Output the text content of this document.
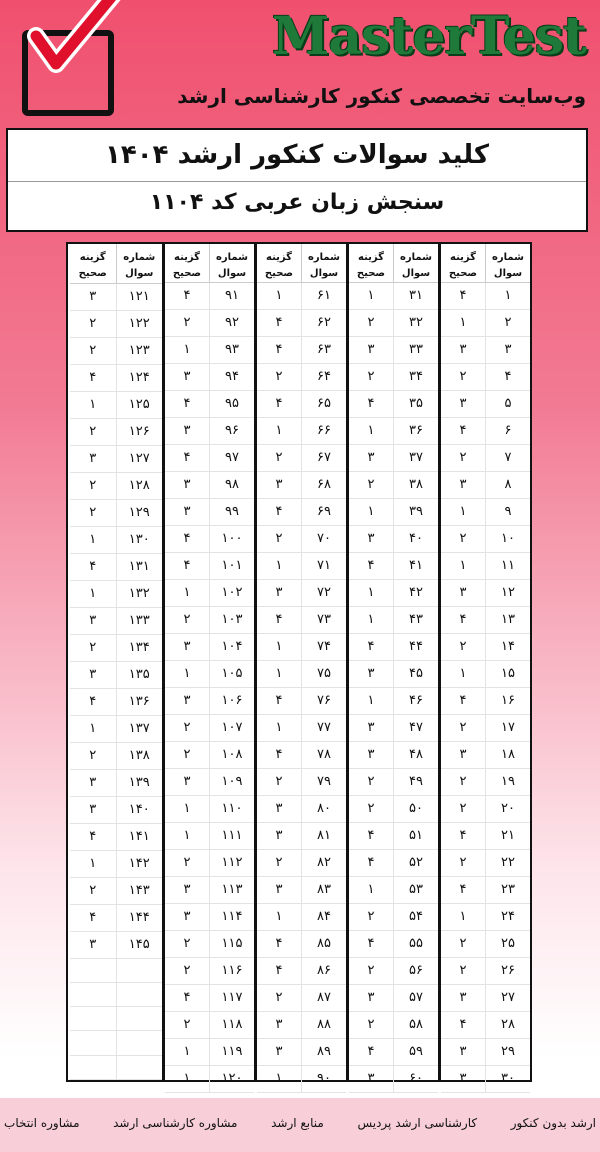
MasterTest
وب‌سایت تخصصی کنکور کارشناسی ارشد
کلید سوالات کنکور ارشد ۱۴۰۴
سنجش زبان عربی کد ۱۱۰۴
شماره سوال
گزینه صحیح
۱
۴
۲
۱
۳
۳
۴
۲
۵
۳
۶
۴
۷
۲
۸
۳
۹
۱
۱۰
۲
۱۱
۱
۱۲
۳
۱۳
۴
۱۴
۲
۱۵
۱
۱۶
۴
۱۷
۲
۱۸
۳
۱۹
۲
۲۰
۲
۲۱
۴
۲۲
۲
۲۳
۴
۲۴
۱
۲۵
۲
۲۶
۲
۲۷
۳
۲۸
۴
۲۹
۳
۳۰
۳
شماره سوال
گزینه صحیح
۳۱
۱
۳۲
۲
۳۳
۳
۳۴
۲
۳۵
۴
۳۶
۱
۳۷
۳
۳۸
۲
۳۹
۱
۴۰
۳
۴۱
۴
۴۲
۱
۴۳
۱
۴۴
۴
۴۵
۳
۴۶
۱
۴۷
۳
۴۸
۳
۴۹
۲
۵۰
۲
۵۱
۴
۵۲
۴
۵۳
۱
۵۴
۲
۵۵
۴
۵۶
۲
۵۷
۳
۵۸
۲
۵۹
۴
۶۰
۳
شماره سوال
گزینه صحیح
۶۱
۱
۶۲
۴
۶۳
۴
۶۴
۲
۶۵
۴
۶۶
۱
۶۷
۲
۶۸
۳
۶۹
۴
۷۰
۲
۷۱
۱
۷۲
۳
۷۳
۴
۷۴
۱
۷۵
۱
۷۶
۴
۷۷
۱
۷۸
۴
۷۹
۲
۸۰
۳
۸۱
۳
۸۲
۲
۸۳
۳
۸۴
۱
۸۵
۴
۸۶
۴
۸۷
۲
۸۸
۳
۸۹
۳
۹۰
۱
شماره سوال
گزینه صحیح
۹۱
۴
۹۲
۲
۹۳
۱
۹۴
۳
۹۵
۴
۹۶
۳
۹۷
۴
۹۸
۳
۹۹
۳
۱۰۰
۴
۱۰۱
۴
۱۰۲
۱
۱۰۳
۲
۱۰۴
۳
۱۰۵
۱
۱۰۶
۳
۱۰۷
۲
۱۰۸
۲
۱۰۹
۳
۱۱۰
۱
۱۱۱
۱
۱۱۲
۲
۱۱۳
۳
۱۱۴
۳
۱۱۵
۲
۱۱۶
۲
۱۱۷
۴
۱۱۸
۲
۱۱۹
۱
۱۲۰
۱
شماره سوال
گزینه صحیح
۱۲۱
۳
۱۲۲
۲
۱۲۳
۲
۱۲۴
۴
۱۲۵
۱
۱۲۶
۲
۱۲۷
۳
۱۲۸
۲
۱۲۹
۲
۱۳۰
۱
۱۳۱
۴
۱۳۲
۱
۱۳۳
۳
۱۳۴
۲
۱۳۵
۳
۱۳۶
۴
۱۳۷
۱
۱۳۸
۲
۱۳۹
۳
۱۴۰
۳
۱۴۱
۴
۱۴۲
۱
۱۴۳
۲
۱۴۴
۴
۱۴۵
۳
ارشد بدون کنکور
کارشناسی ارشد پردیس
منابع ارشد
مشاوره کارشناسی ارشد
مشاوره انتخاب
